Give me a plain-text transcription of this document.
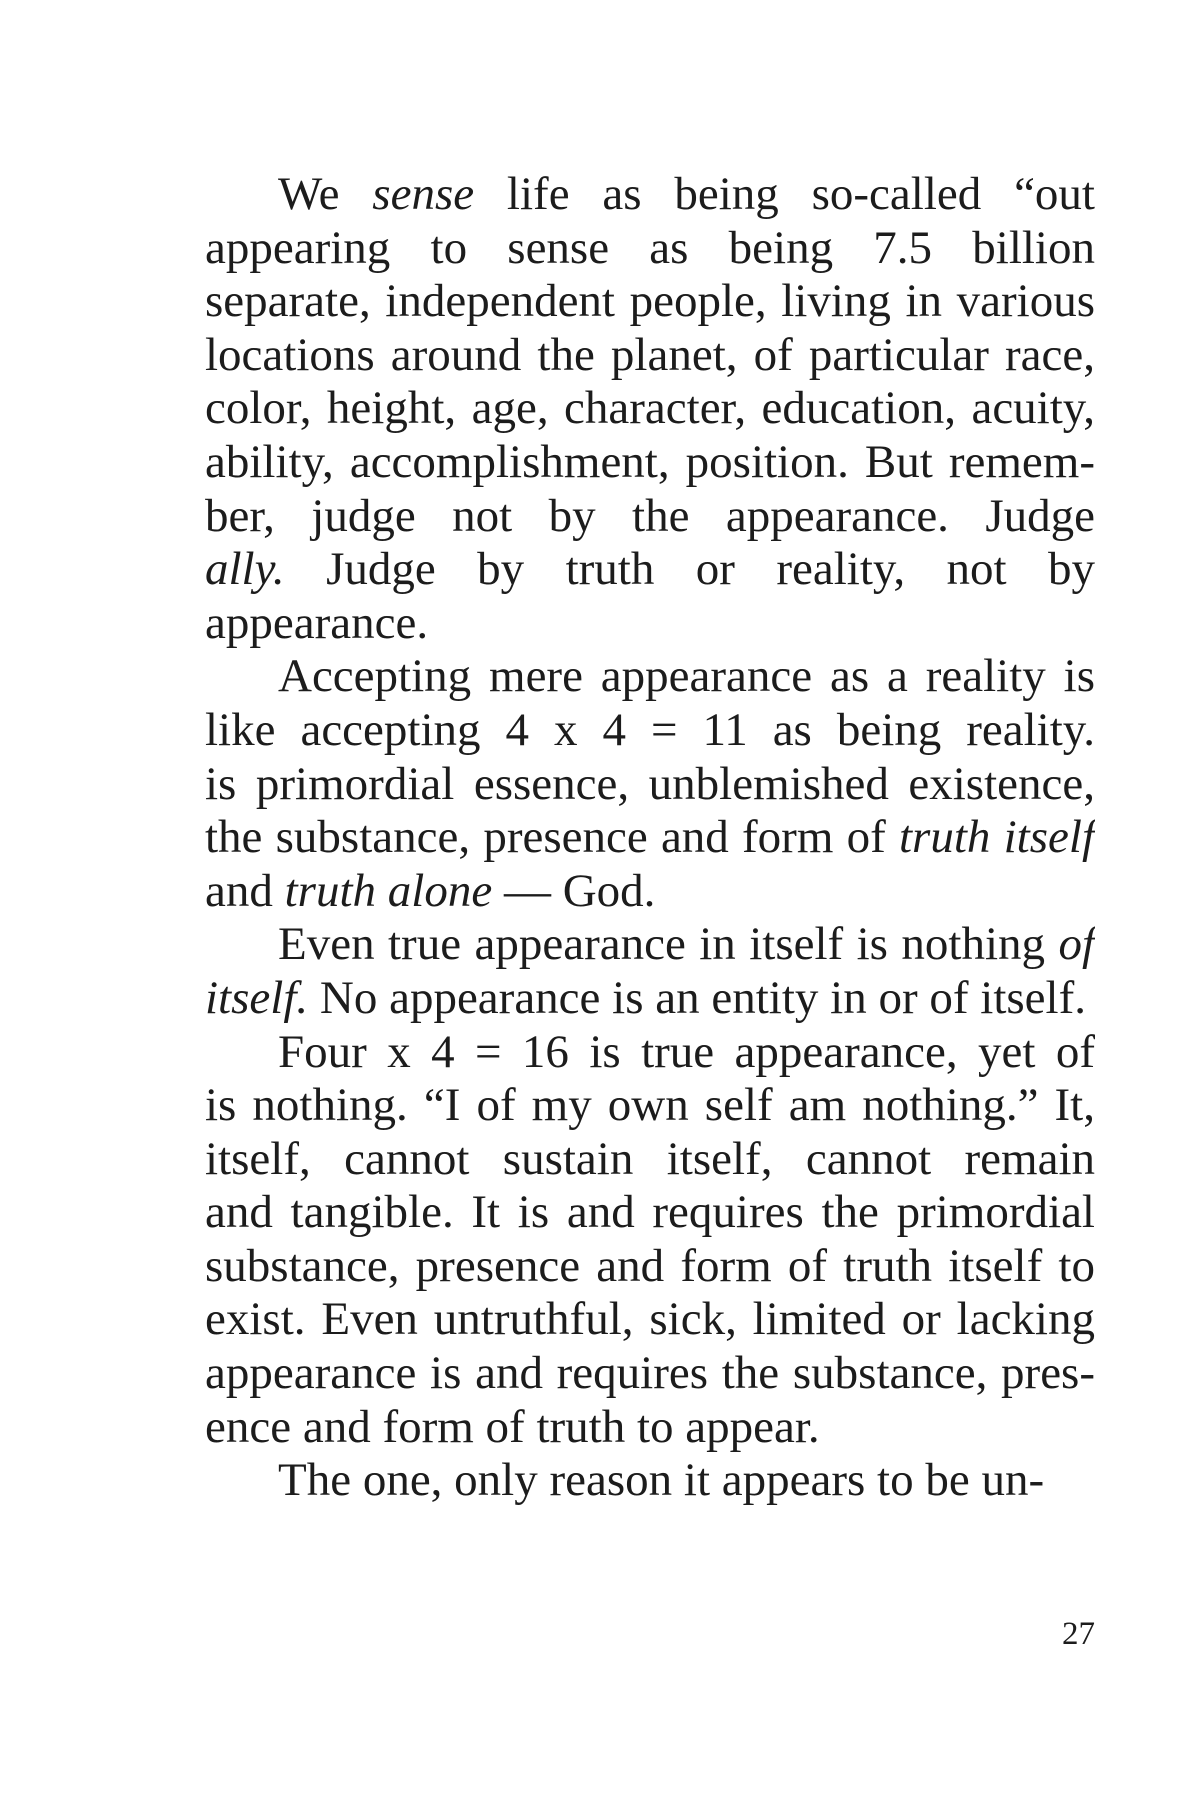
We sense life as being so-called “out
appearing to sense as being 7.5 billion
separate, independent people, living in various
locations around the planet, of particular race,
color, height, age, character, education, acuity,
ability, accomplishment, position. But remem-
ber, judge not by the appearance. Judge
ally. Judge by truth or reality, not by
appearance.
Accepting mere appearance as a reality is
like accepting 4 x 4 = 11 as being reality.
is primordial essence, unblemished existence,
the substance, presence and form of truth itself
and truth alone — God.
Even true appearance in itself is nothing of
itself. No appearance is an entity in or of itself.
Four x 4 = 16 is true appearance, yet of
is nothing. “I of my own self am nothing.” It,
itself, cannot sustain itself, cannot remain
and tangible. It is and requires the primordial
substance, presence and form of truth itself to
exist. Even untruthful, sick, limited or lacking
appearance is and requires the substance, pres-
ence and form of truth to appear.
The one, only reason it appears to be un-
27
